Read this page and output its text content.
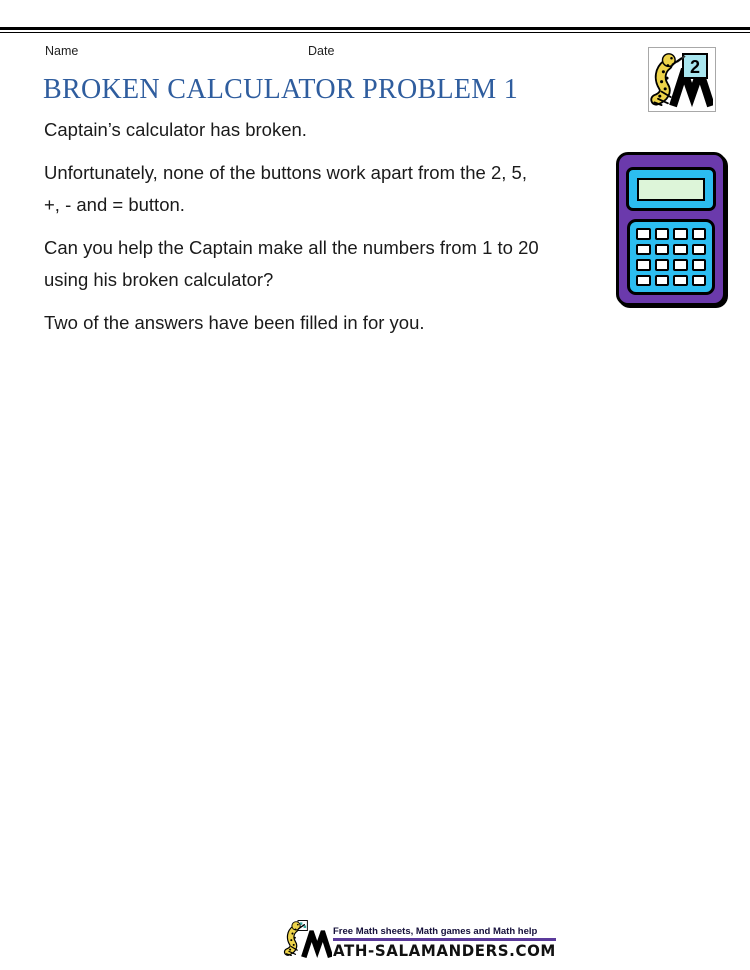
Name	Date
2
BROKEN CALCULATOR PROBLEM 1

Captain’s calculator has broken.

Unfortunately, none of the buttons work apart from the 2, 5,
+, - and = button.

Can you help the Captain make all the numbers from 1 to 20
using his broken calculator?

Two of the answers have been filled in for you.

Free Math sheets, Math games and Math help
ATH-SALAMANDERS.COM
